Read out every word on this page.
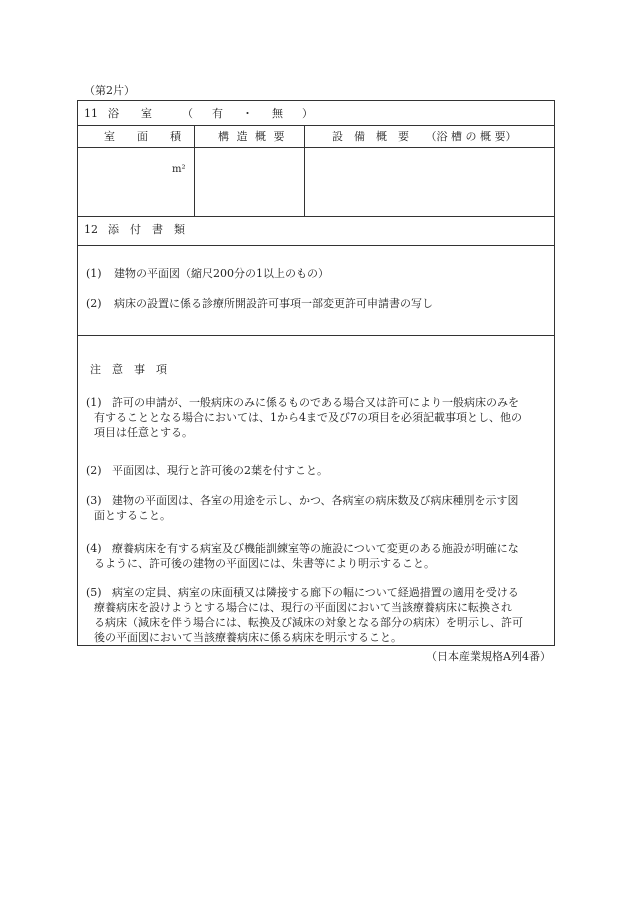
（第2片）
11 浴　　室	（　有　・　無　）
室　　面　　積	構 造 概 要	設　備　概　要　　（浴 槽 の 概 要）
m²
12 添　付　書　類
(1) 建物の平面図（縮尺200分の1以上のもの）
(2) 病床の設置に係る診療所開設許可事項一部変更許可申請書の写し
注　意　事　項
(1) 許可の申請が、一般病床のみに係るものである場合又は許可により一般病床のみを
有することとなる場合においては、1から4まで及び7の項目を必須記載事項とし、他の
項目は任意とする。
(2) 平面図は、現行と許可後の2葉を付すこと。
(3) 建物の平面図は、各室の用途を示し、かつ、各病室の病床数及び病床種別を示す図
面とすること。
(4) 療養病床を有する病室及び機能訓練室等の施設について変更のある施設が明確にな
るように、許可後の建物の平面図には、朱書等により明示すること。
(5) 病室の定員、病室の床面積又は隣接する廊下の幅について経過措置の適用を受ける
療養病床を設けようとする場合には、現行の平面図において当該療養病床に転換され
る病床（減床を伴う場合には、転換及び減床の対象となる部分の病床）を明示し、許可
後の平面図において当該療養病床に係る病床を明示すること。
（日本産業規格A列4番）
